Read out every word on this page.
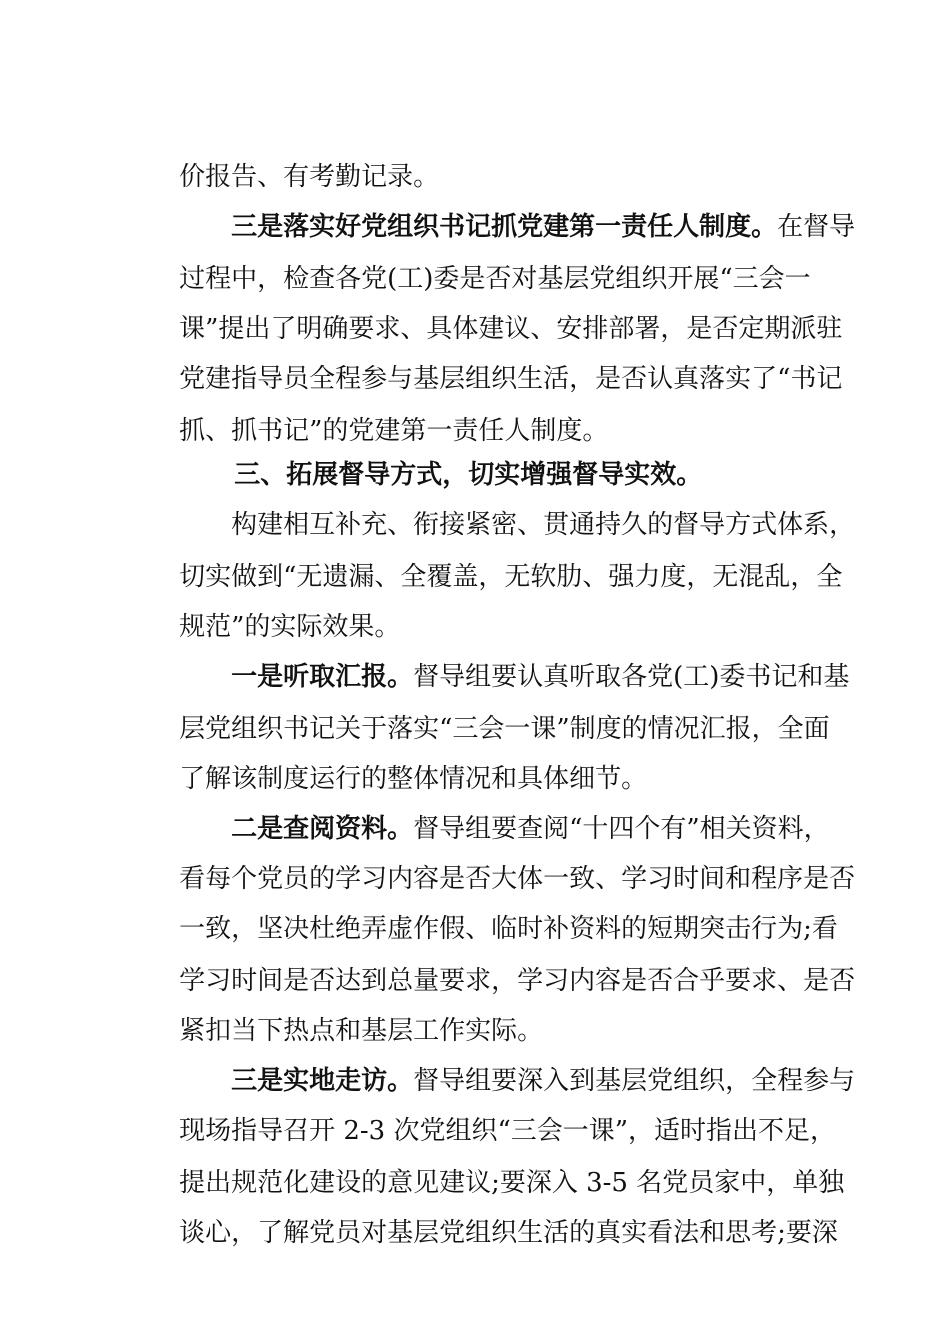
价报告、有考勤记录。

三是落实好党组织书记抓党建第一责任人制度。在督导

过程中，检查各党(工)委是否对基层党组织开展“三会一

课”提出了明确要求、具体建议、安排部署，是否定期派驻

党建指导员全程参与基层组织生活，是否认真落实了“书记

抓、抓书记”的党建第一责任人制度。

三、拓展督导方式，切实增强督导实效。

构建相互补充、衔接紧密、贯通持久的督导方式体系，

切实做到“无遗漏、全覆盖，无软肋、强力度，无混乱，全

规范”的实际效果。

一是听取汇报。督导组要认真听取各党(工)委书记和基

层党组织书记关于落实“三会一课”制度的情况汇报，全面

了解该制度运行的整体情况和具体细节。

二是查阅资料。督导组要查阅“十四个有”相关资料，

看每个党员的学习内容是否大体一致、学习时间和程序是否

一致，坚决杜绝弄虚作假、临时补资料的短期突击行为;看

学习时间是否达到总量要求，学习内容是否合乎要求、是否

紧扣当下热点和基层工作实际。

三是实地走访。督导组要深入到基层党组织，全程参与

现场指导召开 2-3 次党组织“三会一课”，适时指出不足，

提出规范化建设的意见建议;要深入 3-5 名党员家中，单独

谈心，了解党员对基层党组织生活的真实看法和思考;要深
